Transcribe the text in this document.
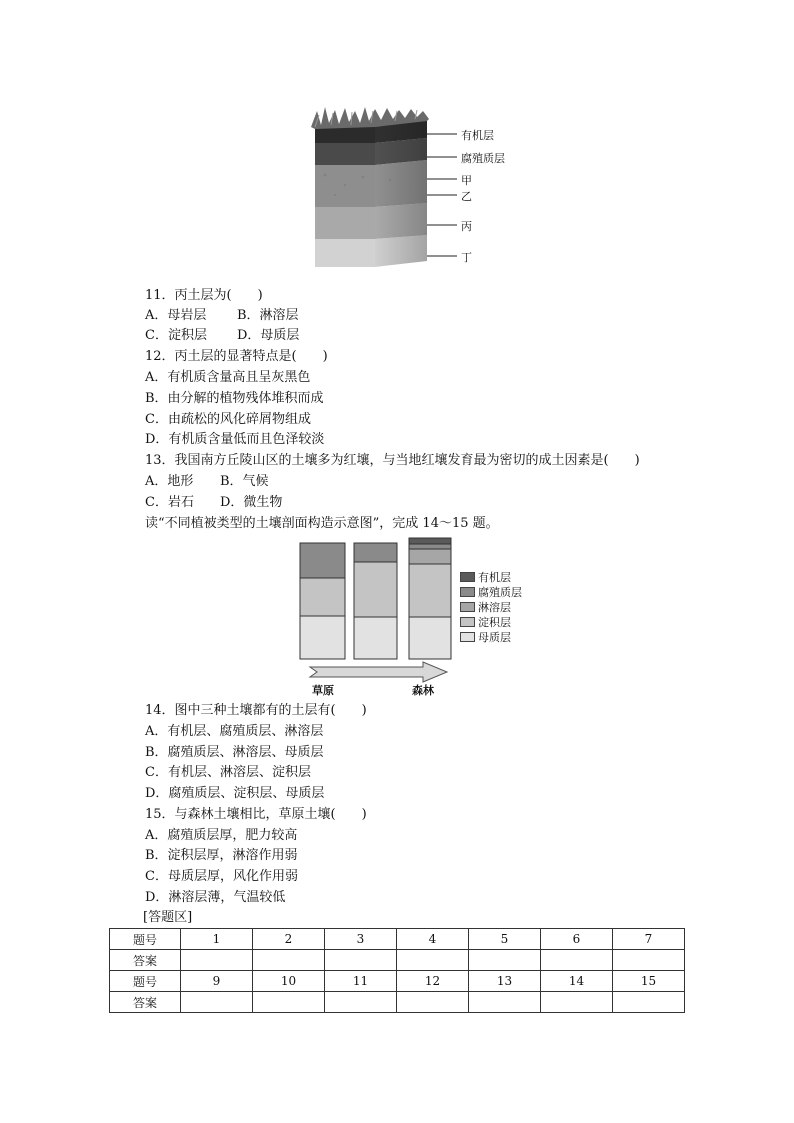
有机层
腐殖质层
甲
乙
丙
丁
11．丙土层为(　　)
A．母岩层 B．淋溶层
C．淀积层 D．母质层
12．丙土层的显著特点是(　　)
A．有机质含量高且呈灰黑色
B．由分解的植物残体堆积而成
C．由疏松的风化碎屑物组成
D．有机质含量低而且色泽较淡
13．我国南方丘陵山区的土壤多为红壤，与当地红壤发育最为密切的成土因素是(　　)
A．地形 B．气候
C．岩石 D．微生物
读“不同植被类型的土壤剖面构造示意图”，完成 14～15 题。
有机层
腐殖质层
淋溶层
淀积层
母质层
草原	森林
14．图中三种土壤都有的土层有(　　)
A．有机层、腐殖质层、淋溶层
B．腐殖质层、淋溶层、母质层
C．有机层、淋溶层、淀积层
D．腐殖质层、淀积层、母质层
15．与森林土壤相比，草原土壤(　　)
A．腐殖质层厚，肥力较高
B．淀积层厚，淋溶作用弱
C．母质层厚，风化作用弱
D．淋溶层薄，气温较低
[答题区]
题号	1	2	3	4	5	6	7
答案							
题号	9	10	11	12	13	14	15
答案							
